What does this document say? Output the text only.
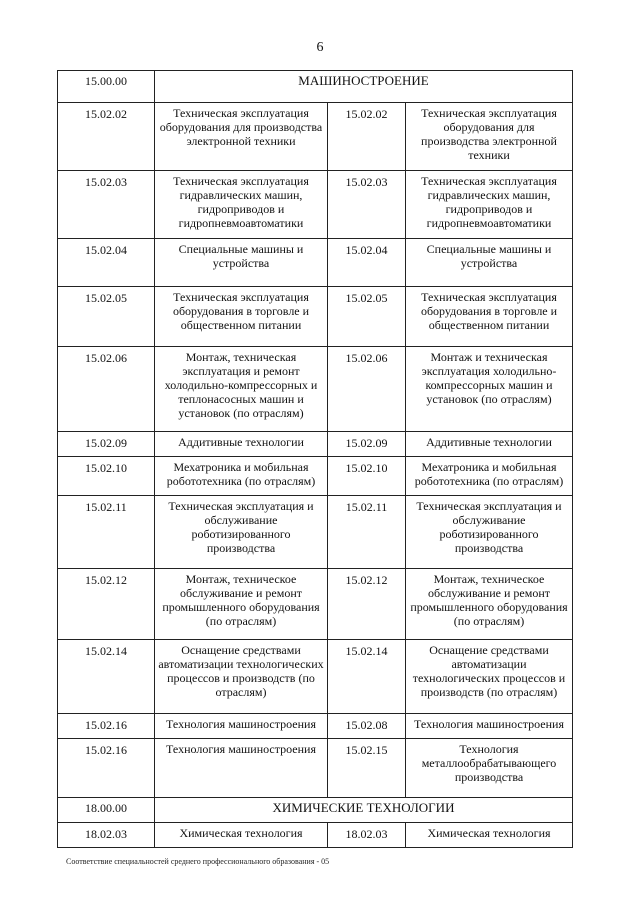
6
15.00.00	МАШИНОСТРОЕНИЕ		
15.02.02	Техническая эксплуатация оборудования для производства электронной техники	15.02.02	Техническая эксплуатация оборудования для производства электронной техники
15.02.03	Техническая эксплуатация гидравлических машин, гидроприводов и гидропневмоавтоматики	15.02.03	Техническая эксплуатация гидравлических машин, гидроприводов и гидропневмоавтоматики
15.02.04	Специальные машины и устройства	15.02.04	Специальные машины и устройства
15.02.05	Техническая эксплуатация оборудования в торговле и общественном питании	15.02.05	Техническая эксплуатация оборудования в торговле и общественном питании
15.02.06	Монтаж, техническая эксплуатация и ремонт холодильно-компрессорных и теплонасосных машин и установок (по отраслям)	15.02.06	Монтаж и техническая эксплуатация холодильно-компрессорных машин и установок (по отраслям)
15.02.09	Аддитивные технологии	15.02.09	Аддитивные технологии
15.02.10	Мехатроника и мобильная робототехника (по отраслям)	15.02.10	Мехатроника и мобильная робототехника (по отраслям)
15.02.11	Техническая эксплуатация и обслуживание роботизированного производства	15.02.11	Техническая эксплуатация и обслуживание роботизированного производства
15.02.12	Монтаж, техническое обслуживание и ремонт промышленного оборудования (по отраслям)	15.02.12	Монтаж, техническое обслуживание и ремонт промышленного оборудования (по отраслям)
15.02.14	Оснащение средствами автоматизации технологических процессов и производств (по отраслям)	15.02.14	Оснащение средствами автоматизации технологических процессов и производств (по отраслям)
15.02.16	Технология машиностроения	15.02.08	Технология машиностроения
15.02.16	Технология машиностроения	15.02.15	Технология металлообрабатывающего производства
18.00.00	ХИМИЧЕСКИЕ ТЕХНОЛОГИИ		
18.02.03	Химическая технология	18.02.03	Химическая технология
Соответствие специальностей среднего профессионального образования - 05
